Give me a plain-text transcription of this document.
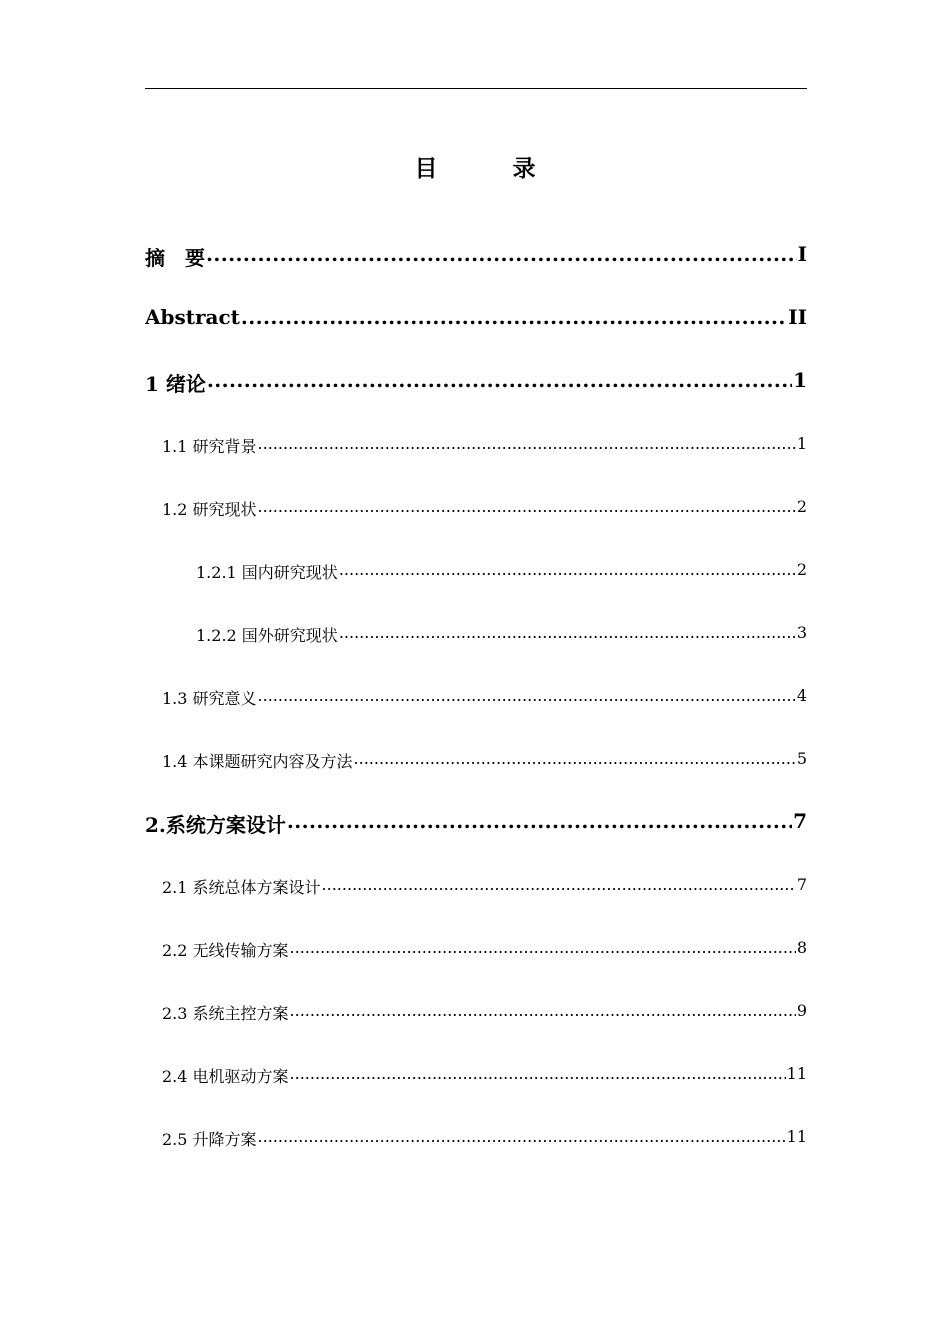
目　录
摘　要 .....	I
Abstract .....	II
1 绪论 .....	1
1.1 研究背景 .....	1
1.2 研究现状 .....	2
1.2.1 国内研究现状 .....	2
1.2.2 国外研究现状 .....	3
1.3 研究意义 .....	4
1.4 本课题研究内容及方法 .....	5
2.系统方案设计 .....	7
2.1 系统总体方案设计 .....	7
2.2 无线传输方案 .....	8
2.3 系统主控方案 .....	9
2.4 电机驱动方案 .....	11
2.5 升降方案 .....	11
